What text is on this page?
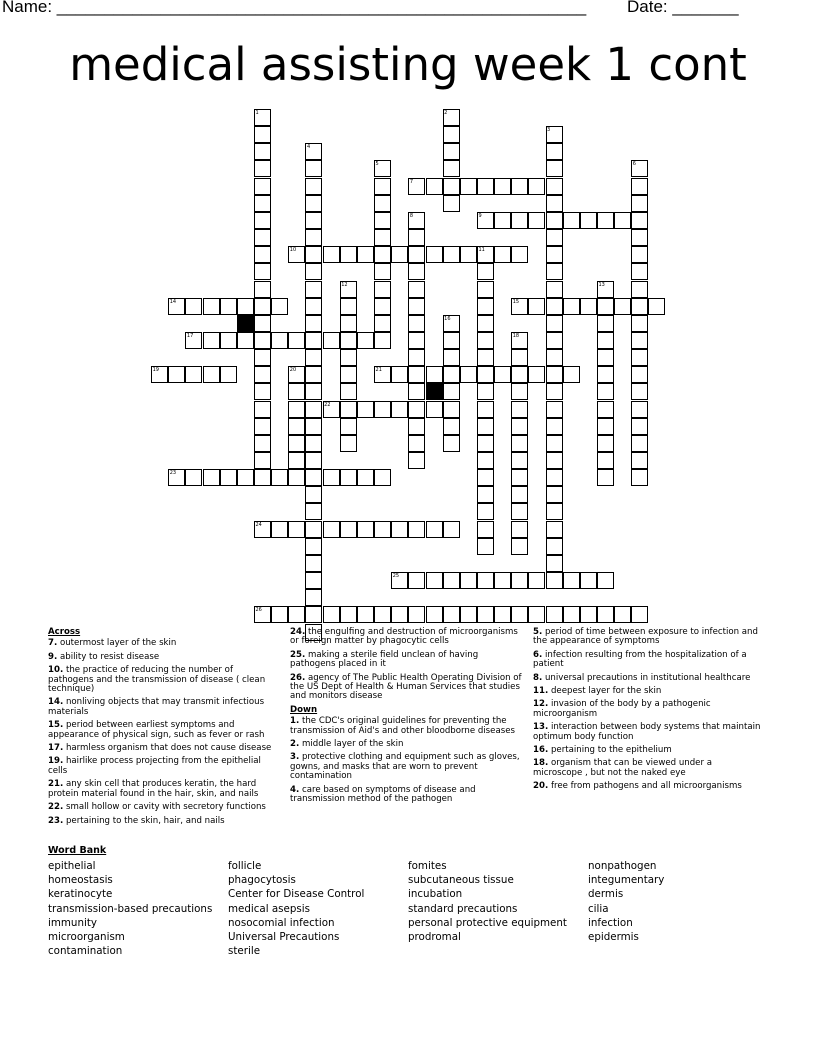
Name: ________________________________________________________ Date: _______
medical assisting week 1 cont
1	2
3
4
5	6
7
8	9
10	11
12	13
14	15
16
17	18
19	20	21
22
23
24
25
26
Across
7. outermost layer of the skin
9. ability to resist disease
10. the practice of reducing the number of pathogens and the transmission of disease ( clean technique)
14. nonliving objects that may transmit infectious materials
15. period between earliest symptoms and appearance of physical sign, such as fever or rash
17. harmless organism that does not cause disease
19. hairlike process projecting from the epithelial cells
21. any skin cell that produces keratin, the hard protein material found in the hair, skin, and nails
22. small hollow or cavity with secretory functions
23. pertaining to the skin, hair, and nails
24. the engulfing and destruction of microorganisms or foreign matter by phagocytic cells
25. making a sterile field unclean of having pathogens placed in it
26. agency of The Public Health Operating Division of the US Dept of Health & Human Services that studies and monitors disease
Down
1. the CDC's original guidelines for preventing the transmission of Aid's and other bloodborne diseases
2. middle layer of the skin
3. protective clothing and equipment such as gloves, gowns, and masks that are worn to prevent contamination
4. care based on symptoms of disease and transmission method of the pathogen
5. period of time between exposure to infection and the appearance of symptoms
6. infection resulting from the hospitalization of a patient
8. universal precautions in institutional healthcare
11. deepest layer for the skin
12. invasion of the body by a pathogenic microorganism
13. interaction between body systems that maintain optimum body function
16. pertaining to the epithelium
18. organism that can be viewed under a microscope , but not the naked eye
20. free from pathogens and all microorganisms
Word Bank
epithelial
homeostasis
keratinocyte
transmission-based precautions
immunity
microorganism
contamination
follicle
phagocytosis
Center for Disease Control
medical asepsis
nosocomial infection
Universal Precautions
sterile
fomites
subcutaneous tissue
incubation
standard precautions
personal protective equipment
prodromal
nonpathogen
integumentary
dermis
cilia
infection
epidermis
